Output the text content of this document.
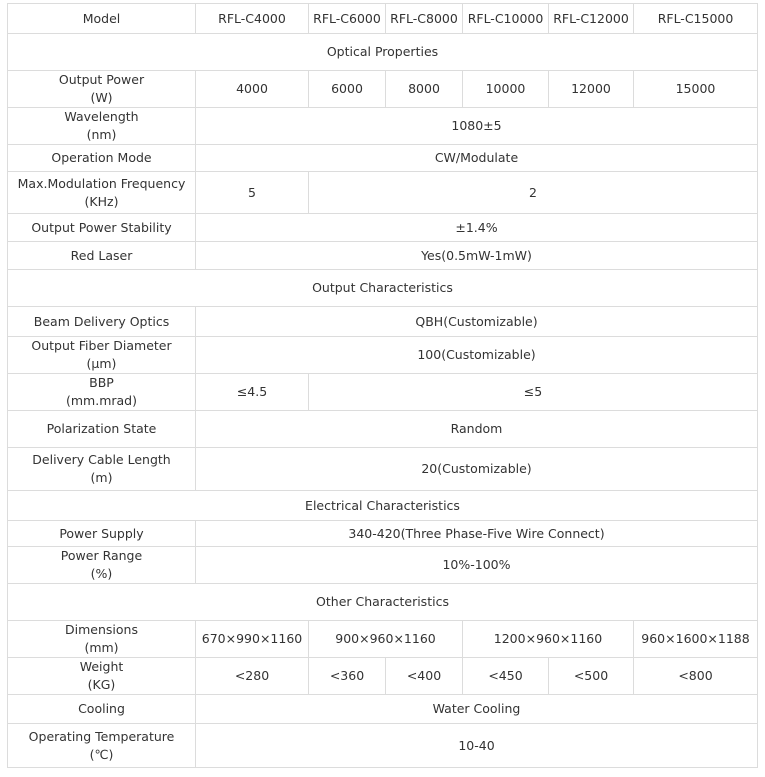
Model	RFL-C4000	RFL-C6000	RFL-C8000	RFL-C10000	RFL-C12000	RFL-C15000
Optical Properties						

Output Power
(W)	4000	6000	8000	10000	12000	15000

Wavelength
(nm)	1080±5					
Operation Mode	CW/Modulate					

Max.Modulation Frequency
(KHz)	5	2				
Output Power Stability	±1.4%					
Red Laser	Yes(0.5mW-1mW)					
Output Characteristics						
Beam Delivery Optics	QBH(Customizable)					

Output Fiber Diameter
(μm)	100(Customizable)					

BBP
(mm.mrad)	≤4.5	≤5				
Polarization State	Random					

Delivery Cable Length
(m)	20(Customizable)					
Electrical Characteristics						
Power Supply	340-420(Three Phase-Five Wire Connect)					

Power Range
(%)	10%-100%					
Other Characteristics						

Dimensions
(mm)	670×990×1160	900×960×1160		1200×960×1160		960×1600×1188

Weight
(KG)	<280	<360	<400	<450	<500	<800
Cooling	Water Cooling					

Operating Temperature
(℃)	10-40					
